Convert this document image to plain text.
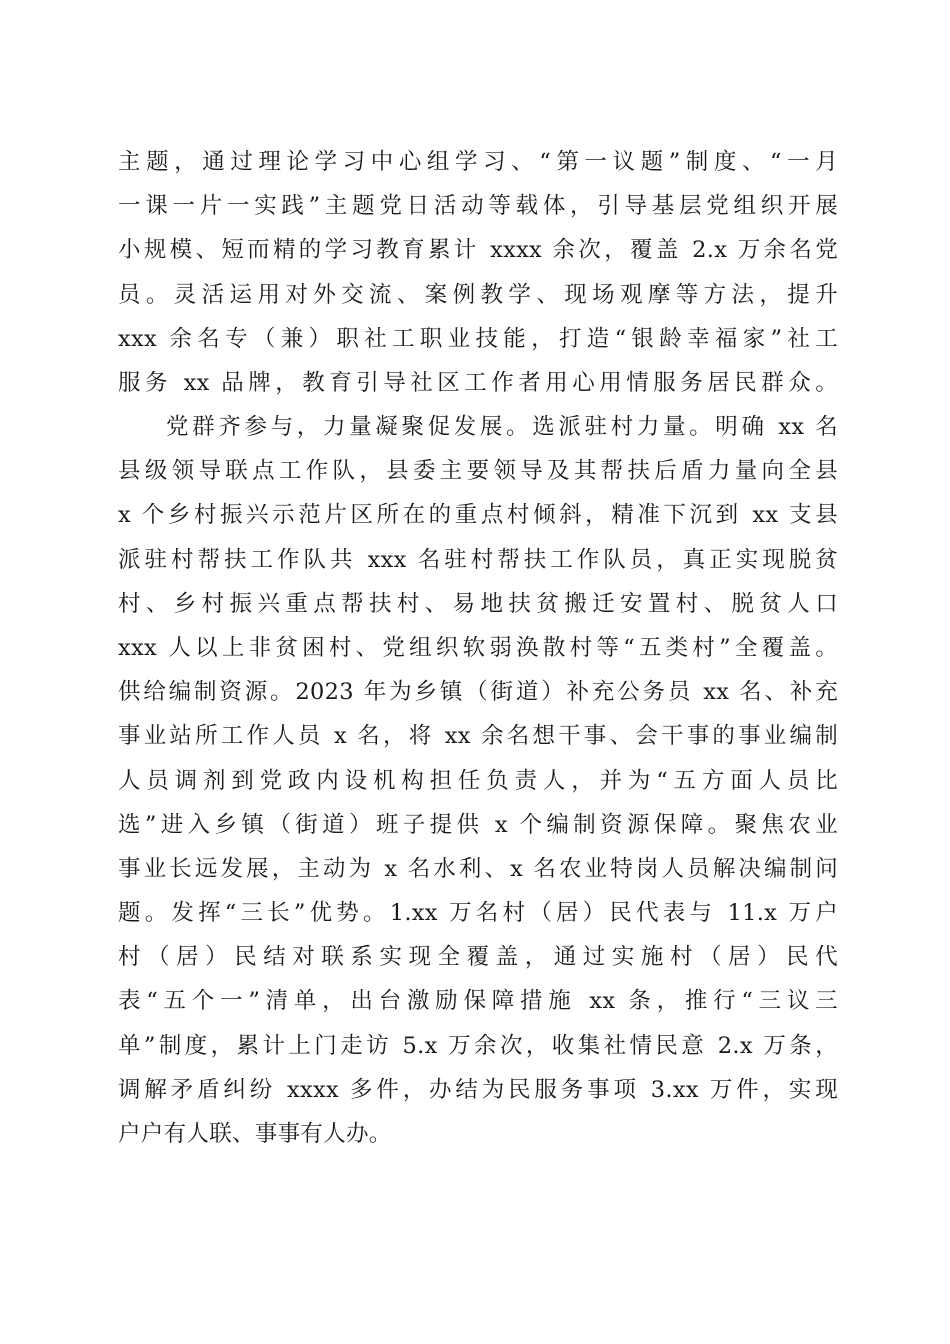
主题，通过理论学习中心组学习、“第一议题”制度、“一月
一课一片一实践”主题党日活动等载体，引导基层党组织开展
小规模、短而精的学习教育累计 xxxx 余次，覆盖 2.x 万余名党
员。灵活运用对外交流、案例教学、现场观摩等方法，提升
xxx 余名专（兼）职社工职业技能，打造“银龄幸福家”社工
服务 xx 品牌，教育引导社区工作者用心用情服务居民群众。
党群齐参与，力量凝聚促发展。选派驻村力量。明确 xx 名
县级领导联点工作队，县委主要领导及其帮扶后盾力量向全县
x 个乡村振兴示范片区所在的重点村倾斜，精准下沉到 xx 支县
派驻村帮扶工作队共 xxx 名驻村帮扶工作队员，真正实现脱贫
村、乡村振兴重点帮扶村、易地扶贫搬迁安置村、脱贫人口
xxx 人以上非贫困村、党组织软弱涣散村等“五类村”全覆盖。
供给编制资源。2023 年为乡镇（街道）补充公务员 xx 名、补充
事业站所工作人员 x 名，将 xx 余名想干事、会干事的事业编制
人员调剂到党政内设机构担任负责人，并为“五方面人员比
选”进入乡镇（街道）班子提供 x 个编制资源保障。聚焦农业
事业长远发展，主动为 x 名水利、x 名农业特岗人员解决编制问
题。发挥“三长”优势。1.xx 万名村（居）民代表与 11.x 万户
村（居）民结对联系实现全覆盖，通过实施村（居）民代
表“五个一”清单，出台激励保障措施 xx 条，推行“三议三
单”制度，累计上门走访 5.x 万余次，收集社情民意 2.x 万条，
调解矛盾纠纷 xxxx 多件，办结为民服务事项 3.xx 万件，实现
户户有人联、事事有人办。
